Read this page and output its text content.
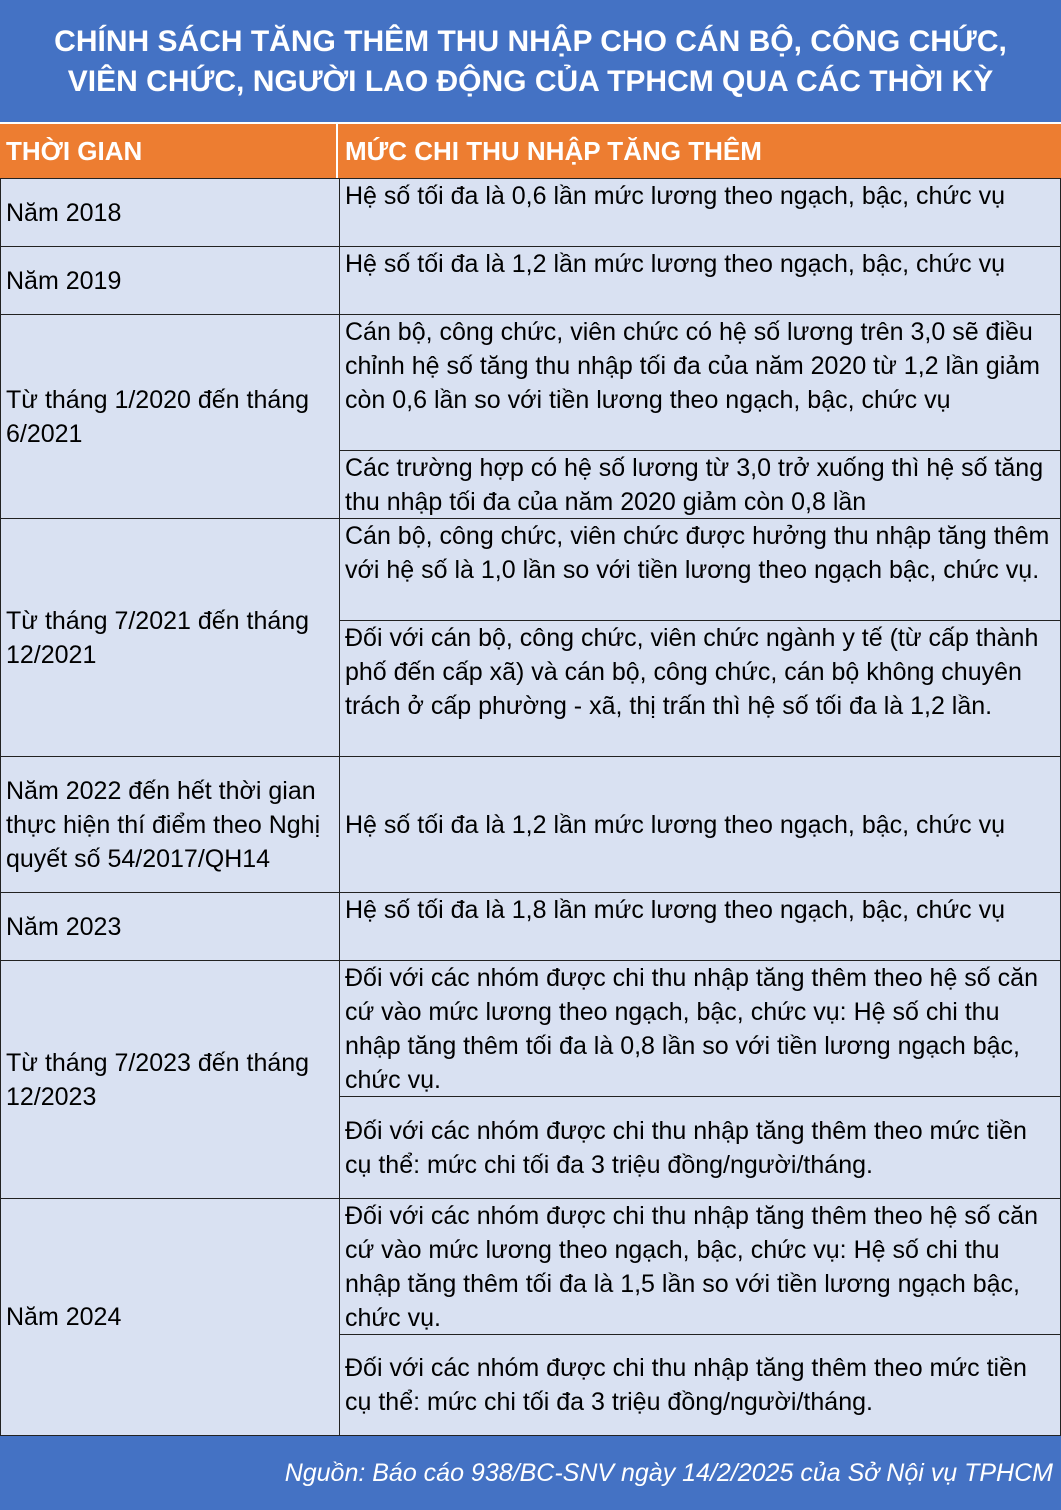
CHÍNH SÁCH TĂNG THÊM THU NHẬP CHO CÁN BỘ, CÔNG CHỨC,
VIÊN CHỨC, NGƯỜI LAO ĐỘNG CỦA TPHCM QUA CÁC THỜI KỲ
THỜI GIAN	MỨC CHI THU NHẬP TĂNG THÊM
Năm 2018
Hệ số tối đa là 0,6 lần mức lương theo ngạch, bậc, chức vụ
Năm 2019
Hệ số tối đa là 1,2 lần mức lương theo ngạch, bậc, chức vụ
Từ tháng 1/2020 đến tháng 6/2021
Cán bộ, công chức, viên chức có hệ số lương trên 3,0 sẽ điều chỉnh hệ số tăng thu nhập tối đa của năm 2020 từ 1,2 lần giảm còn 0,6 lần so với tiền lương theo ngạch, bậc, chức vụ
Các trường hợp có hệ số lương từ 3,0 trở xuống thì hệ số tăng thu nhập tối đa của năm 2020 giảm còn 0,8 lần
Từ tháng 7/2021 đến tháng 12/2021
Cán bộ, công chức, viên chức được hưởng thu nhập tăng thêm với hệ số là 1,0 lần so với tiền lương theo ngạch bậc, chức vụ.
Đối với cán bộ, công chức, viên chức ngành y tế (từ cấp thành phố đến cấp xã) và cán bộ, công chức, cán bộ không chuyên trách ở cấp phường - xã, thị trấn thì hệ số tối đa là 1,2 lần.
Năm 2022 đến hết thời gian thực hiện thí điểm theo Nghị quyết số 54/2017/QH14
Hệ số tối đa là 1,2 lần mức lương theo ngạch, bậc, chức vụ
Năm 2023
Hệ số tối đa là 1,8 lần mức lương theo ngạch, bậc, chức vụ
Từ tháng 7/2023 đến tháng 12/2023
Đối với các nhóm được chi thu nhập tăng thêm theo hệ số căn cứ vào mức lương theo ngạch, bậc, chức vụ: Hệ số chi thu nhập tăng thêm tối đa là 0,8 lần so với tiền lương ngạch bậc, chức vụ.
Đối với các nhóm được chi thu nhập tăng thêm theo mức tiền cụ thể: mức chi tối đa 3 triệu đồng/người/tháng.
Năm 2024
Đối với các nhóm được chi thu nhập tăng thêm theo hệ số căn cứ vào mức lương theo ngạch, bậc, chức vụ: Hệ số chi thu nhập tăng thêm tối đa là 1,5 lần so với tiền lương ngạch bậc, chức vụ.
Đối với các nhóm được chi thu nhập tăng thêm theo mức tiền cụ thể: mức chi tối đa 3 triệu đồng/người/tháng.
Nguồn: Báo cáo 938/BC-SNV ngày 14/2/2025 của Sở Nội vụ TPHCM
